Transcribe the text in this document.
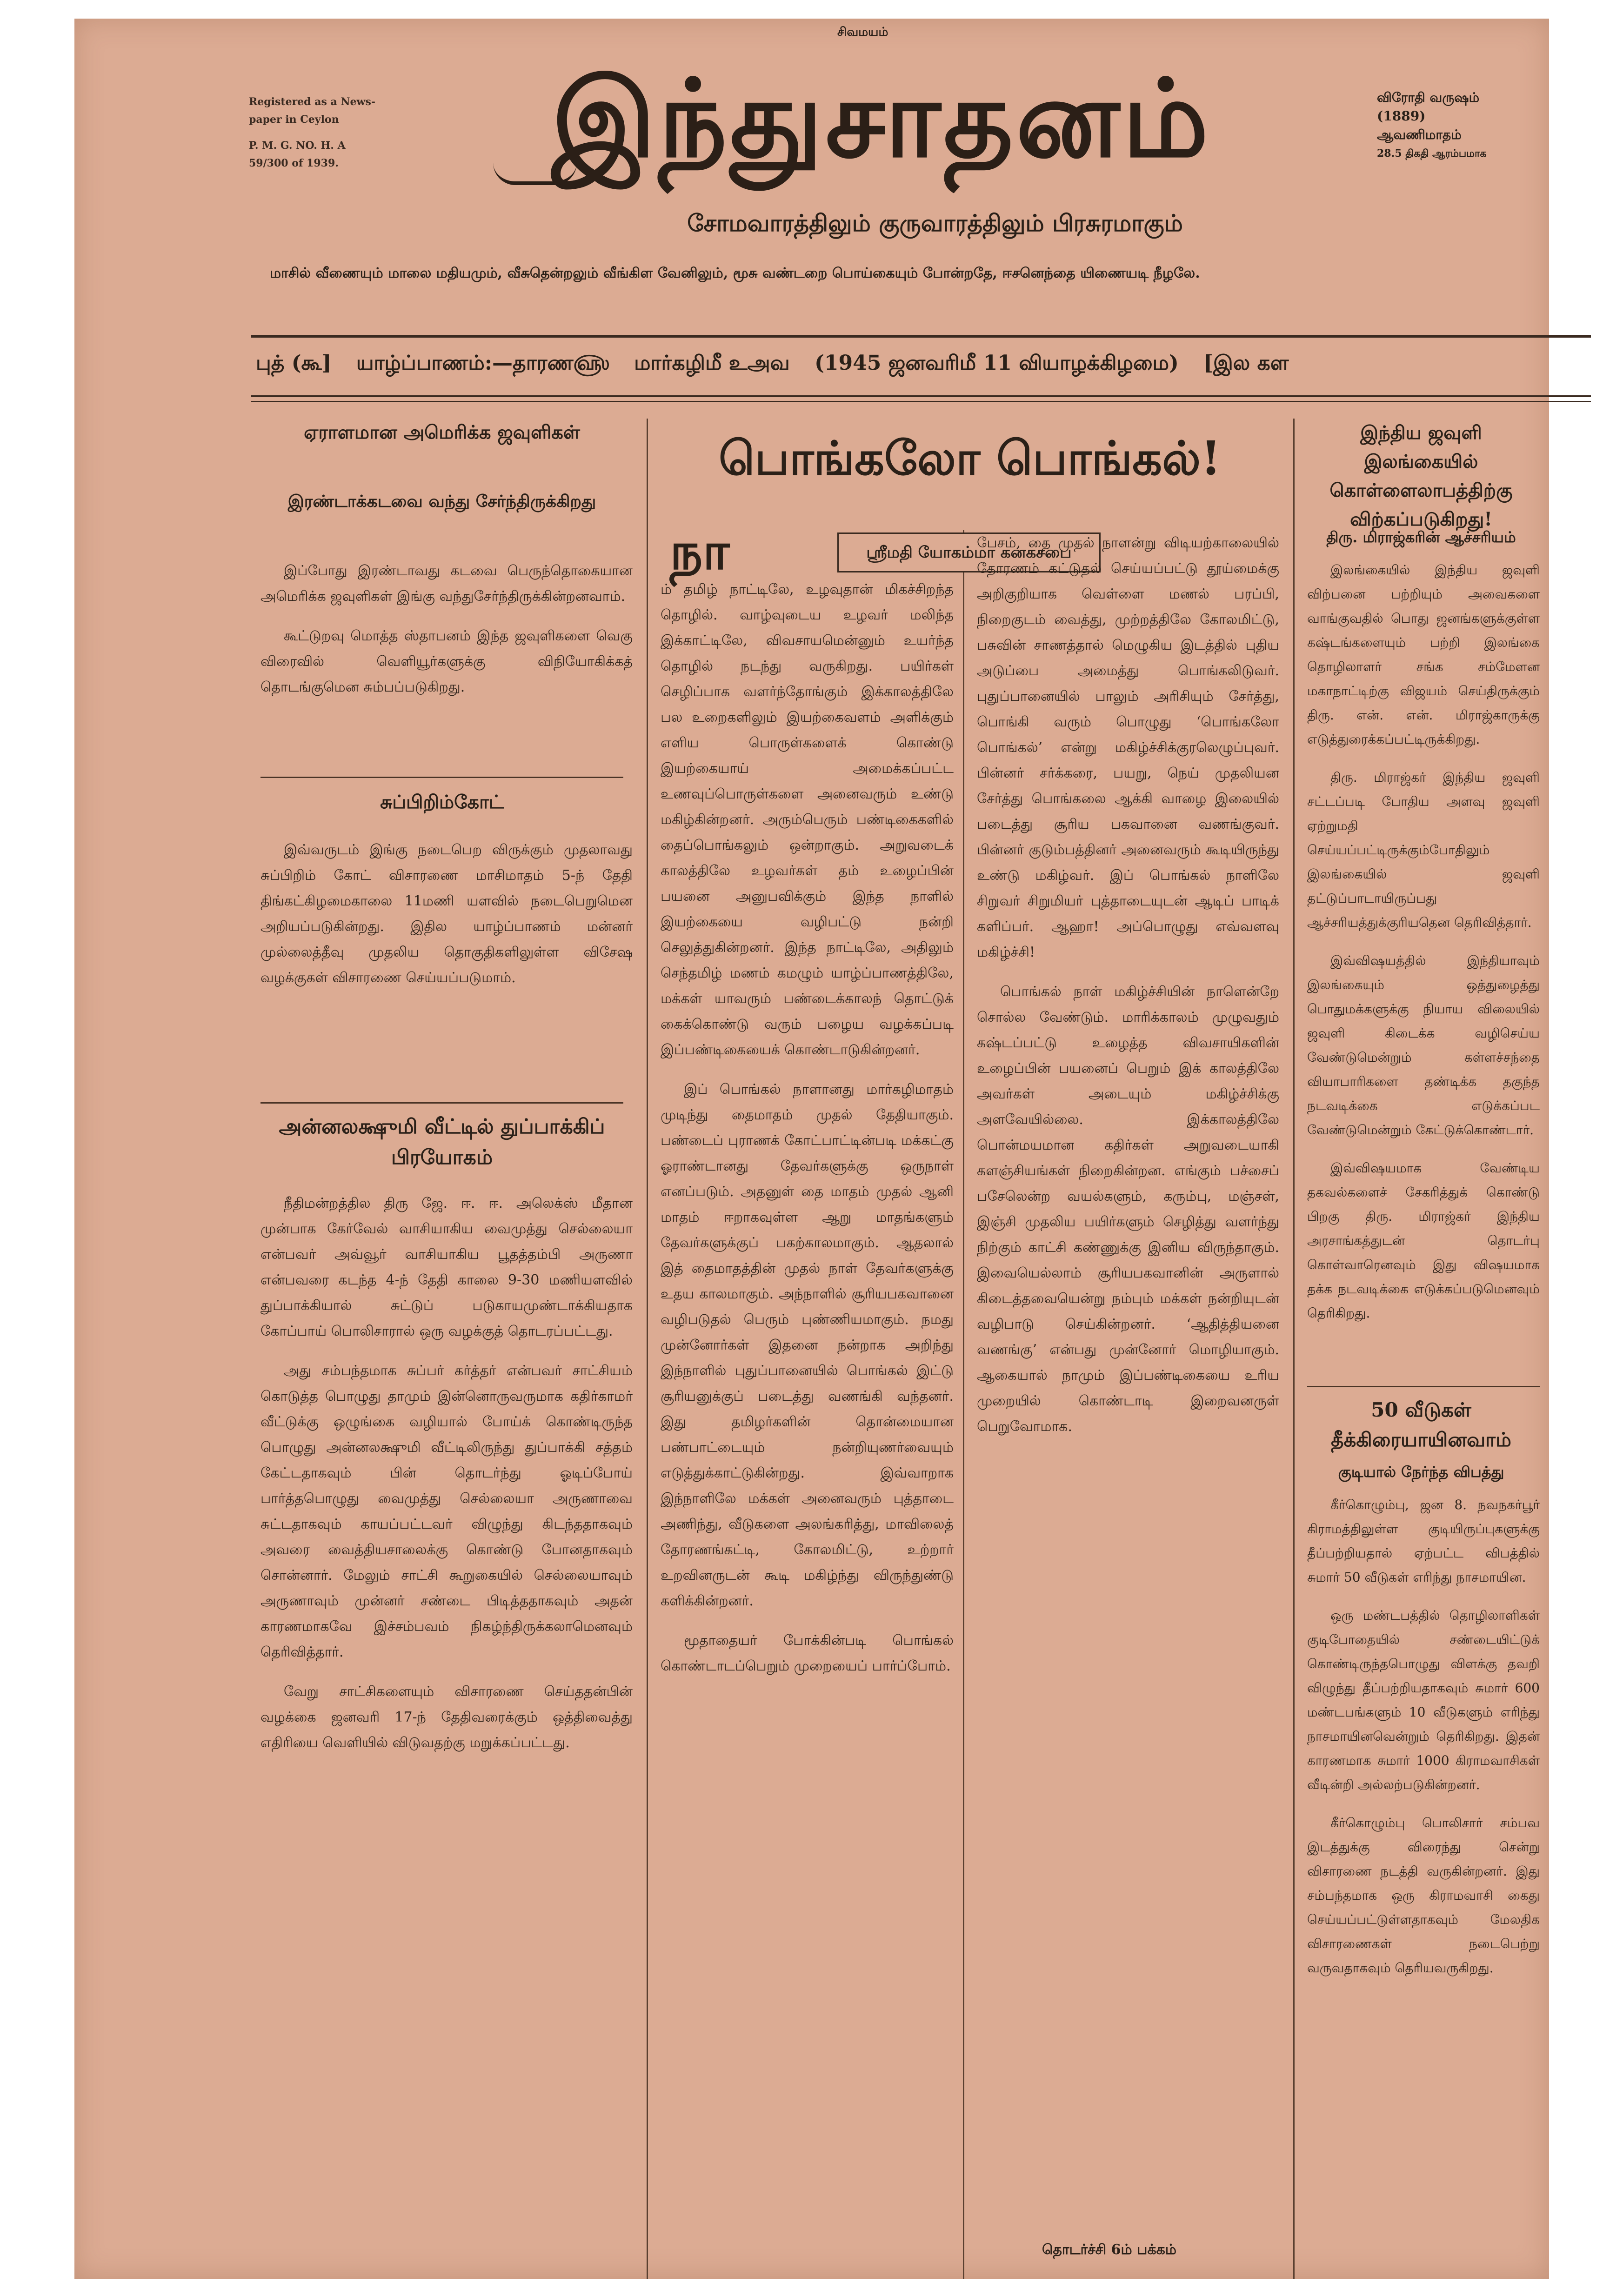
சிவமயம்
Registered as a News-
paper in Ceylon
P. M. G. NO. H. A
59/300 of 1939.	இந்துசாதனம்	விரோதி வருஷம்
(1889)
ஆவணிமாதம்
28.5 திகதி ஆரம்பமாக
சோமவாரத்திலும் குருவாரத்திலும் பிரசுரமாகும்
மாசில் வீணையும் மாலை மதியமும், வீசுதென்றலும் வீங்கிள வேனிலும், மூசு வண்டறை பொய்கையும் போன்றதே, ஈசனெந்தை யிணையடி நீழலே.
புத் (கூ] யாழ்ப்பாணம்:—தாரண௵ மார்கழிமீ உஅவ (1945 ஜனவரிமீ 11 வியாழக்கிழமை) [இல கள
ஏராளமான அமெரிக்க ஜவுளிகள்
இரண்டாக்கடவை வந்து சேர்ந்திருக்கிறது

இப்போது இரண்டாவது கடவை பெருந்தொகையான அமெரிக்க ஜவுளிகள் இங்கு வந்துசேர்ந்திருக்கின்றனவாம்.

கூட்டுறவு மொத்த ஸ்தாபனம் இந்த ஜவுளிகளை வெகு விரைவில் வெளியூர்களுக்கு விநியோகிக்கத் தொடங்குமென சும்பப்படுகிறது.

சுப்பிறிம்கோட்

இவ்வருடம் இங்கு நடைபெற விருக்கும் முதலாவது சுப்பிறிம் கோட் விசாரணை மாசிமாதம் 5-ந் தேதி திங்கட்கிழமைகாலை 11மணி யளவில் நடைபெறுமென அறியப்படுகின்றது. இதில யாழ்ப்பாணம் மன்னர் முல்லைத்தீவு முதலிய தொகுதிகளிலுள்ள விசேஷ வழக்குகள் விசாரணை செய்யப்படுமாம்.

அன்னலக்ஷுமி வீட்டில் துப்பாக்கிப் பிரயோகம்

நீதிமன்றத்தில திரு ஜே. ஈ. ஈ. அலெக்ஸ் மீதான முன்பாக கேர்வேல் வாசியாகிய வைமுத்து செல்லையா என்பவர் அவ்வூர் வாசியாகிய பூதத்தம்பி அருணா என்பவரை கடந்த 4-ந் தேதி காலை 9-30 மணியளவில் துப்பாக்கியால் சுட்டுப் படுகாயமுண்டாக்கியதாக கோப்பாய் பொலிசாரால் ஒரு வழக்குத் தொடரப்பட்டது.

அது சம்பந்தமாக சுப்பர் கர்த்தர் என்பவர் சாட்சியம் கொடுத்த பொழுது தாமும் இன்னொருவருமாக கதிர்காமர் வீட்டுக்கு ஒழுங்கை வழியால் போய்க் கொண்டிருந்த பொழுது அன்னலக்ஷுமி வீட்டிலிருந்து துப்பாக்கி சத்தம் கேட்டதாகவும் பின் தொடர்ந்து ஓடிப்போய் பார்த்தபொழுது வைமுத்து செல்லையா அருணாவை சுட்டதாகவும் காயப்பட்டவர் விழுந்து கிடந்ததாகவும் அவரை வைத்தியசாலைக்கு கொண்டு போனதாகவும் சொன்னார். மேலும் சாட்சி கூறுகையில் செல்லையாவும் அருணாவும் முன்னர் சண்டை பிடித்ததாகவும் அதன் காரணமாகவே இச்சம்பவம் நிகழ்ந்திருக்கலாமெனவும் தெரிவித்தார்.

வேறு சாட்சிகளையும் விசாரணை செய்ததன்பின் வழக்கை ஜனவரி 17-ந் தேதிவரைக்கும் ஒத்திவைத்து எதிரியை வெளியில் விடுவதற்கு மறுக்கப்பட்டது.

பொங்கலோ பொங்கல்!
நா	ஸ்ரீமதி யோகம்மா கனகசபை

ம் தமிழ் நாட்டிலே, உழவுதான் மிகச்சிறந்த தொழில். வாழ்வுடைய உழவர் மலிந்த இக்காட்டிலே, விவசாயமென்னும் உயர்ந்த தொழில் நடந்து வருகிறது. பயிர்கள் செழிப்பாக வளர்ந்தோங்கும் இக்காலத்திலே பல உறைகளிலும் இயற்கைவளம் அளிக்கும் எளிய பொருள்களைக் கொண்டு இயற்கையாய் அமைக்கப்பட்ட உணவுப்பொருள்களை அனைவரும் உண்டு மகிழ்கின்றனர். அரும்பெரும் பண்டிகைகளில் தைப்பொங்கலும் ஒன்றாகும். அறுவடைக் காலத்திலே உழவர்கள் தம் உழைப்பின் பயனை அனுபவிக்கும் இந்த நாளில் இயற்கையை வழிபட்டு நன்றி செலுத்துகின்றனர். இந்த நாட்டிலே, அதிலும் செந்தமிழ் மணம் கமழும் யாழ்ப்பாணத்திலே, மக்கள் யாவரும் பண்டைக்காலந் தொட்டுக் கைக்கொண்டு வரும் பழைய வழக்கப்படி இப்பண்டிகையைக் கொண்டாடுகின்றனர்.

இப் பொங்கல் நாளானது மார்கழிமாதம் முடிந்து தைமாதம் முதல் தேதியாகும். பண்டைப் புராணக் கோட்பாட்டின்படி மக்கட்கு ஓராண்டானது தேவர்களுக்கு ஒருநாள் எனப்படும். அதனுள் தை மாதம் முதல் ஆனி மாதம் ஈறாகவுள்ள ஆறு மாதங்களும் தேவர்களுக்குப் பகற்காலமாகும். ஆதலால் இத் தைமாதத்தின் முதல் நாள் தேவர்களுக்கு உதய காலமாகும். அந்நாளில் சூரியபகவானை வழிபடுதல் பெரும் புண்ணியமாகும். நமது முன்னோர்கள் இதனை நன்றாக அறிந்து இந்நாளில் புதுப்பானையில் பொங்கல் இட்டு சூரியனுக்குப் படைத்து வணங்கி வந்தனர். இது தமிழர்களின் தொன்மையான பண்பாட்டையும் நன்றியுணர்வையும் எடுத்துக்காட்டுகின்றது. இவ்வாறாக இந்நாளிலே மக்கள் அனைவரும் புத்தாடை அணிந்து, வீடுகளை அலங்கரித்து, மாவிலைத் தோரணங்கட்டி, கோலமிட்டு, உற்றார் உறவினருடன் கூடி மகிழ்ந்து விருந்துண்டு களிக்கின்றனர்.

மூதாதையர் போக்கின்படி பொங்கல் கொண்டாடப்பெறும் முறையைப் பார்ப்போம்.

பேசம், தை முதல் நாளன்று விடியற்காலையில் தோரணம் கட்டுதல் செய்யப்பட்டு தூய்மைக்கு அறிகுறியாக வெள்ளை மணல் பரப்பி, நிறைகுடம் வைத்து, முற்றத்திலே கோலமிட்டு, பசுவின் சாணத்தால் மெழுகிய இடத்தில் புதிய அடுப்பை அமைத்து பொங்கலிடுவர். புதுப்பானையில் பாலும் அரிசியும் சேர்த்து, பொங்கி வரும் பொழுது ‘பொங்கலோ பொங்கல்’ என்று மகிழ்ச்சிக்குரலெழுப்புவர். பின்னர் சர்க்கரை, பயறு, நெய் முதலியன சேர்த்து பொங்கலை ஆக்கி வாழை இலையில் படைத்து சூரிய பகவானை வணங்குவர். பின்னர் குடும்பத்தினர் அனைவரும் கூடியிருந்து உண்டு மகிழ்வர். இப் பொங்கல் நாளிலே சிறுவர் சிறுமியர் புத்தாடையுடன் ஆடிப் பாடிக் களிப்பர். ஆஹா! அப்பொழுது எவ்வளவு மகிழ்ச்சி!

பொங்கல் நாள் மகிழ்ச்சியின் நாளென்றே சொல்ல வேண்டும். மாரிக்காலம் முழுவதும் கஷ்டப்பட்டு உழைத்த விவசாயிகளின் உழைப்பின் பயனைப் பெறும் இக் காலத்திலே அவர்கள் அடையும் மகிழ்ச்சிக்கு அளவேயில்லை. இக்காலத்திலே பொன்மயமான கதிர்கள் அறுவடையாகி களஞ்சியங்கள் நிறைகின்றன. எங்கும் பச்சைப் பசேலென்ற வயல்களும், கரும்பு, மஞ்சள், இஞ்சி முதலிய பயிர்களும் செழித்து வளர்ந்து நிற்கும் காட்சி கண்ணுக்கு இனிய விருந்தாகும். இவையெல்லாம் சூரியபகவானின் அருளால் கிடைத்தவையென்று நம்பும் மக்கள் நன்றியுடன் வழிபாடு செய்கின்றனர். ‘ஆதித்தியனை வணங்கு’ என்பது முன்னோர் மொழியாகும். ஆகையால் நாமும் இப்பண்டிகையை உரிய முறையில் கொண்டாடி இறைவனருள் பெறுவோமாக.

தொடர்ச்சி 6ம் பக்கம்
இந்திய ஜவுளி இலங்கையில் கொள்ளைலாபத்திற்கு விற்கப்படுகிறது!
திரு. மிராஜ்கரின் ஆச்சரியம்

இலங்கையில் இந்திய ஜவுளி விற்பனை பற்றியும் அவைகளை வாங்குவதில் பொது ஜனங்களுக்குள்ள கஷ்டங்களையும் பற்றி இலங்கை தொழிலாளர் சங்க சம்மேளன மகாநாட்டிற்கு விஜயம் செய்திருக்கும் திரு. என். என். மிராஜ்காருக்கு எடுத்துரைக்கப்பட்டிருக்கிறது.

திரு. மிராஜ்கர் இந்திய ஜவுளி சட்டப்படி போதிய அளவு ஜவுளி ஏற்றுமதி செய்யப்பட்டிருக்கும்போதிலும் இலங்கையில் ஜவுளி தட்டுப்பாடாயிருப்பது ஆச்சரியத்துக்குரியதென தெரிவித்தார்.

இவ்விஷயத்தில் இந்தியாவும் இலங்கையும் ஒத்துழைத்து பொதுமக்களுக்கு நியாய விலையில் ஜவுளி கிடைக்க வழிசெய்ய வேண்டுமென்றும் கள்ளச்சந்தை வியாபாரிகளை தண்டிக்க தகுந்த நடவடிக்கை எடுக்கப்பட வேண்டுமென்றும் கேட்டுக்கொண்டார்.

இவ்விஷயமாக வேண்டிய தகவல்களைச் சேகரித்துக் கொண்டு பிறகு திரு. மிராஜ்கர் இந்திய அரசாங்கத்துடன் தொடர்பு கொள்வாரெனவும் இது விஷயமாக தக்க நடவடிக்கை எடுக்கப்படுமெனவும் தெரிகிறது.

50 வீடுகள் தீக்கிரையாயினவாம்
குடியால் நேர்ந்த விபத்து

கீர்கொழும்பு, ஜன 8. நவநகர்பூர் கிராமத்திலுள்ள குடியிருப்புகளுக்கு தீப்பற்றியதால் ஏற்பட்ட விபத்தில் சுமார் 50 வீடுகள் எரிந்து நாசமாயின.

ஒரு மண்டபத்தில் தொழிலாளிகள் குடிபோதையில் சண்டையிட்டுக் கொண்டிருந்தபொழுது விளக்கு தவறி விழுந்து தீப்பற்றியதாகவும் சுமார் 600 மண்டபங்களும் 10 வீடுகளும் எரிந்து நாசமாயினவென்றும் தெரிகிறது. இதன் காரணமாக சுமார் 1000 கிராமவாசிகள் வீடின்றி அல்லற்படுகின்றனர்.

கீர்கொழும்பு பொலிசார் சம்பவ இடத்துக்கு விரைந்து சென்று விசாரணை நடத்தி வருகின்றனர். இது சம்பந்தமாக ஒரு கிராமவாசி கைது செய்யப்பட்டுள்ளதாகவும் மேலதிக விசாரணைகள் நடைபெற்று வருவதாகவும் தெரியவருகிறது.
